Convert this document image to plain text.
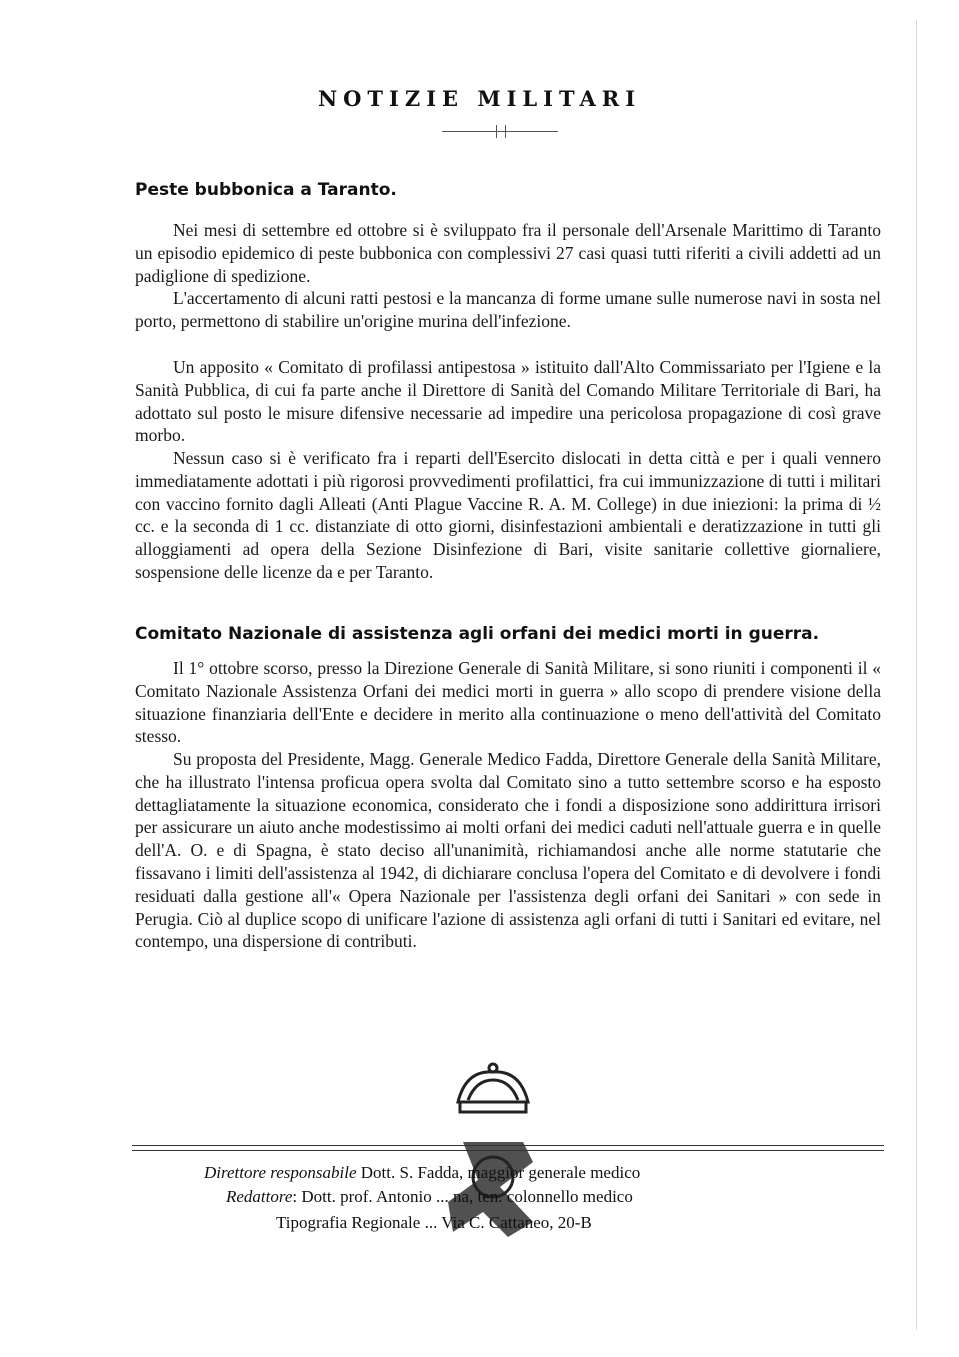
NOTIZIE MILITARI
Peste bubbonica a Taranto.

Nei mesi di settembre ed ottobre si è sviluppato fra il personale dell'Arsenale Marittimo di Taranto un episodio epidemico di peste bubbonica con complessivi 27 casi quasi tutti riferiti a civili addetti ad un padiglione di spedizione.

L'accertamento di alcuni ratti pestosi e la mancanza di forme umane sulle numerose navi in sosta nel porto, permettono di stabilire un'origine murina dell'infezione.

Un apposito « Comitato di profilassi antipestosa » istituito dall'Alto Commissariato per l'Igiene e la Sanità Pubblica, di cui fa parte anche il Direttore di Sanità del Comando Militare Territoriale di Bari, ha adottato sul posto le misure difensive necessarie ad impedire una pericolosa propagazione di così grave morbo.

Nessun caso si è verificato fra i reparti dell'Esercito dislocati in detta città e per i quali vennero immediatamente adottati i più rigorosi provvedimenti profilattici, fra cui immunizzazione di tutti i militari con vaccino fornito dagli Alleati (Anti Plague Vaccine R. A. M. College) in due iniezioni: la prima di ½ cc. e la seconda di 1 cc. distanziate di otto giorni, disinfestazioni ambientali e deratizzazione in tutti gli alloggiamenti ad opera della Sezione Disinfezione di Bari, visite sanitarie collettive giornaliere, sospensione delle licenze da e per Taranto.

Comitato Nazionale di assistenza agli orfani dei medici morti in guerra.

Il 1° ottobre scorso, presso la Direzione Generale di Sanità Militare, si sono riuniti i componenti il « Comitato Nazionale Assistenza Orfani dei medici morti in guerra » allo scopo di prendere visione della situazione finanziaria dell'Ente e decidere in merito alla continuazione o meno dell'attività del Comitato stesso.

Su proposta del Presidente, Magg. Generale Medico Fadda, Direttore Generale della Sanità Militare, che ha illustrato l'intensa proficua opera svolta dal Comitato sino a tutto settembre scorso e ha esposto dettagliatamente la situazione economica, considerato che i fondi a disposizione sono addirittura irrisori per assicurare un aiuto anche modestissimo ai molti orfani dei medici caduti nell'attuale guerra e in quelle dell'A. O. e di Spagna, è stato deciso all'unanimità, richiamandosi anche alle norme statutarie che fissavano i limiti dell'assistenza al 1942, di dichiarare conclusa l'opera del Comitato e di devolvere i fondi residuati dalla gestione all'« Opera Nazionale per l'assistenza degli orfani dei Sanitari » con sede in Perugia. Ciò al duplice scopo di unificare l'azione di assistenza agli orfani di tutti i Sanitari ed evitare, nel contempo, una dispersione di contributi.

Direttore responsabile Dott. S. Fadda, maggior generale medico
Redattore: Dott. prof. Antonio ... na, ten. colonnello medico
Tipografia Regionale ... Via C. Cattaneo, 20-B
